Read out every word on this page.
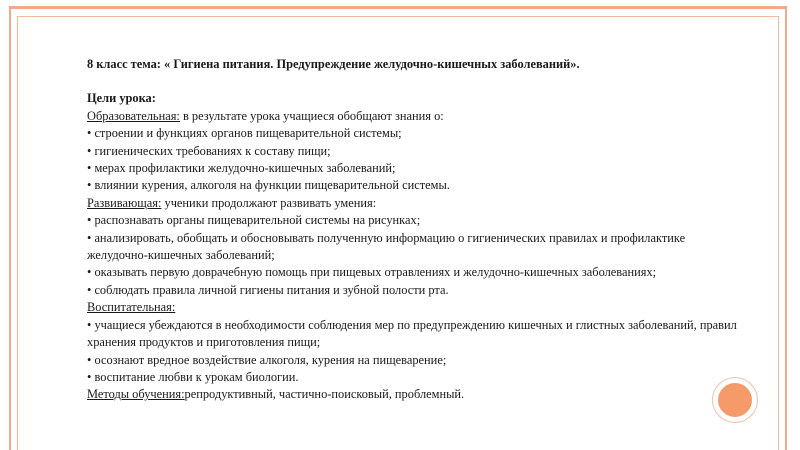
8 класс тема: « Гигиена питания. Предупреждение желудочно-кишечных заболеваний».
Цели урока:
Образовательная: в результате урока учащиеся обобщают знания о:
• строении и функциях органов пищеварительной системы;
• гигиенических требованиях к составу пищи;
• мерах профилактики желудочно-кишечных заболеваний;
• влиянии курения, алкоголя на функции пищеварительной системы.
Развивающая: ученики продолжают развивать умения:
• распознавать органы пищеварительной системы на рисунках;
• анализировать, обобщать и обосновывать полученную информацию о гигиенических правилах и профилактике желудочно-кишечных заболеваний;
• оказывать первую доврачебную помощь при пищевых отравлениях и желудочно-кишечных заболеваниях;
• соблюдать правила личной гигиены питания и зубной полости рта.
Воспитательная:
• учащиеся убеждаются в необходимости соблюдения мер по предупреждению кишечных и глистных заболеваний, правил хранения продуктов и приготовления пищи;
• осознают вредное воздействие алкоголя, курения на пищеварение;
• воспитание любви к урокам биологии.
Методы обучения:репродуктивный, частично-поисковый, проблемный.
